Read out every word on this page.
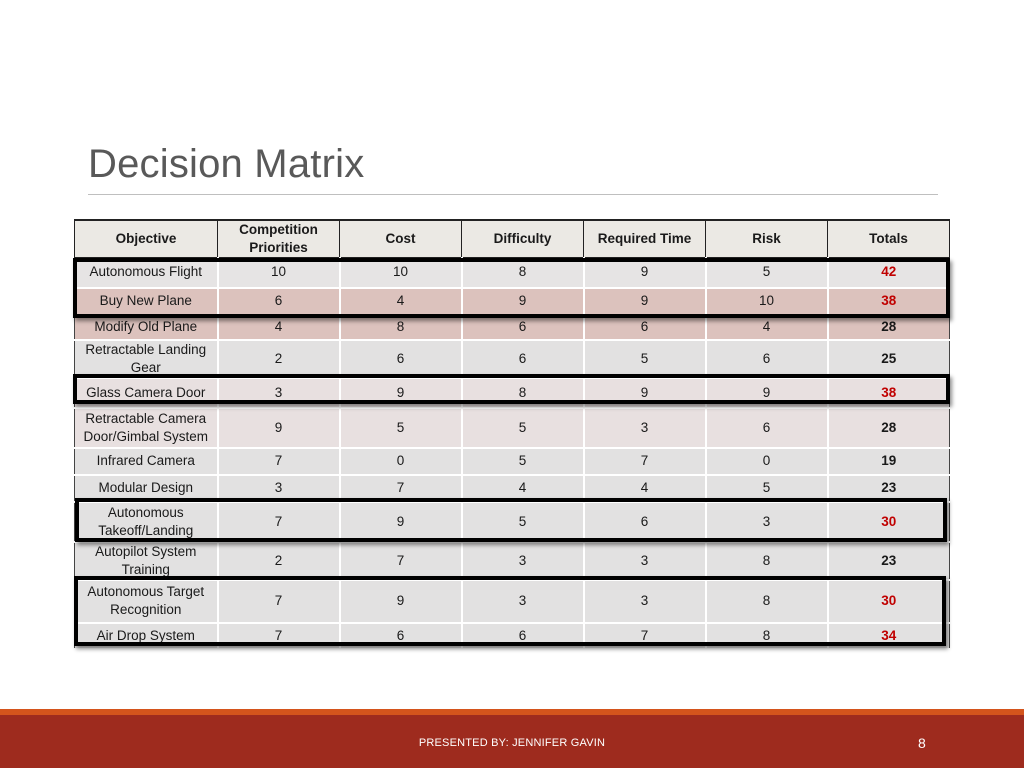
Decision Matrix
Objective	Competition Priorities	Cost	Difficulty	Required Time	Risk	Totals
Autonomous Flight	10	10	8	9	5	42
Buy New Plane	6	4	9	9	10	38
Modify Old Plane	4	8	6	6	4	28
Retractable Landing Gear	2	6	6	5	6	25
Glass Camera Door	3	9	8	9	9	38
Retractable Camera Door/Gimbal System	9	5	5	3	6	28
Infrared Camera	7	0	5	7	0	19
Modular Design	3	7	4	4	5	23
Autonomous Takeoff/Landing	7	9	5	6	3	30
Autopilot System Training	2	7	3	3	8	23
Autonomous Target Recognition	7	9	3	3	8	30
Air Drop System	7	6	6	7	8	34
PRESENTED BY: JENNIFER GAVIN	8
